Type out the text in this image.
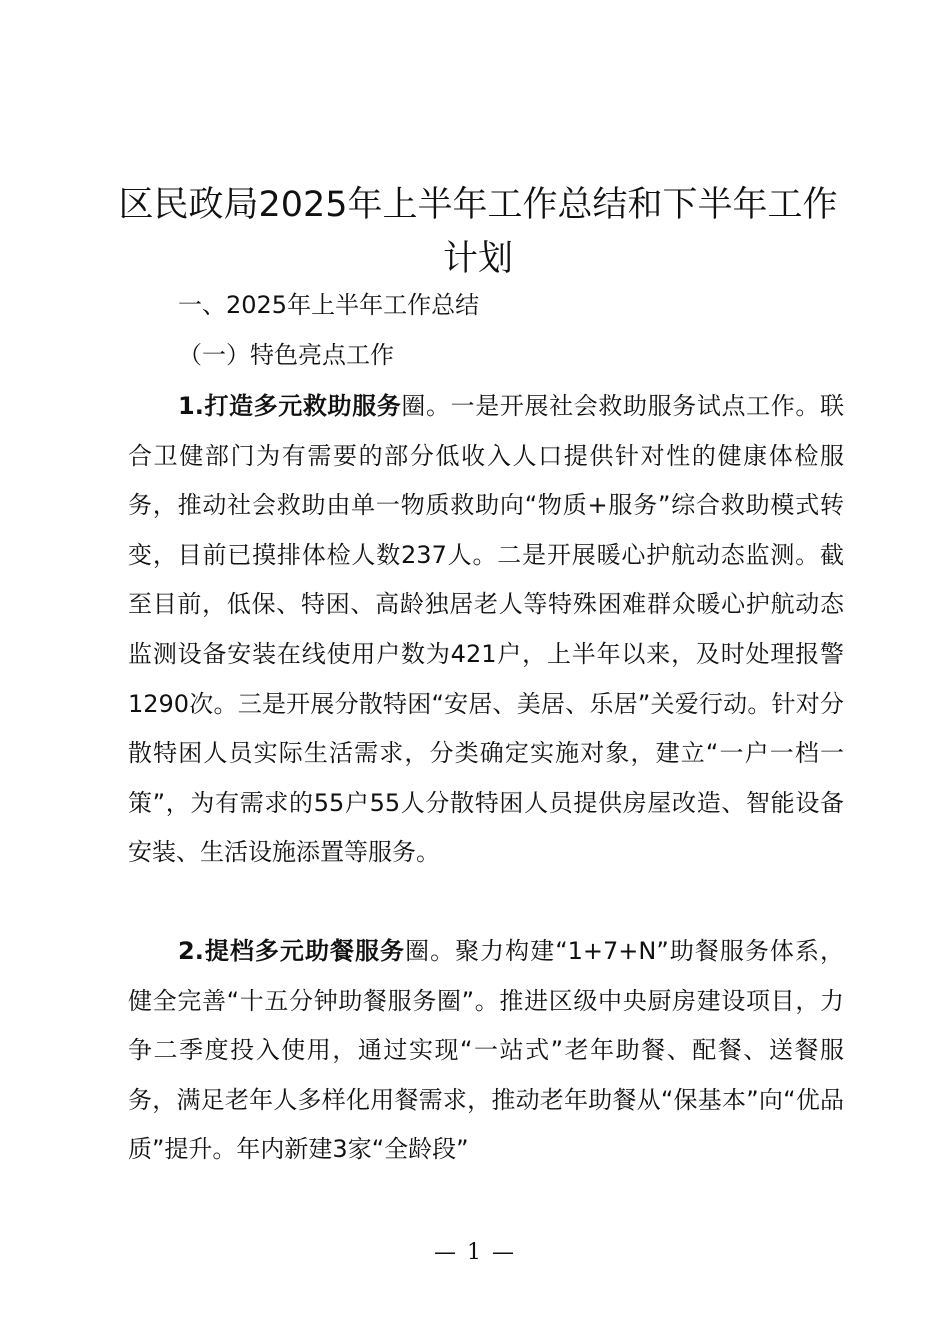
区民政局2025年上半年工作总结和下半年工作计划

一、2025年上半年工作总结

（一）特色亮点工作

1.打造多元救助服务圈。一是开展社会救助服务试点工作。联合卫健部门为有需要的部分低收入人口提供针对性的健康体检服务，推动社会救助由单一物质救助向“物质+服务”综合救助模式转变，目前已摸排体检人数237人。二是开展暖心护航动态监测。截至目前，低保、特困、高龄独居老人等特殊困难群众暖心护航动态监测设备安装在线使用户数为421户，上半年以来，及时处理报警1290次。三是开展分散特困“安居、美居、乐居”关爱行动。针对分散特困人员实际生活需求，分类确定实施对象，建立“一户一档一策”，为有需求的55户55人分散特困人员提供房屋改造、智能设备安装、生活设施添置等服务。

2.提档多元助餐服务圈。聚力构建“1+7+N”助餐服务体系，健全完善“十五分钟助餐服务圈”。推进区级中央厨房建设项目，力争二季度投入使用，通过实现“一站式”老年助餐、配餐、送餐服务，满足老年人多样化用餐需求，推动老年助餐从“保基本”向“优品质”提升。年内新建3家“全龄段”

— 1 —
